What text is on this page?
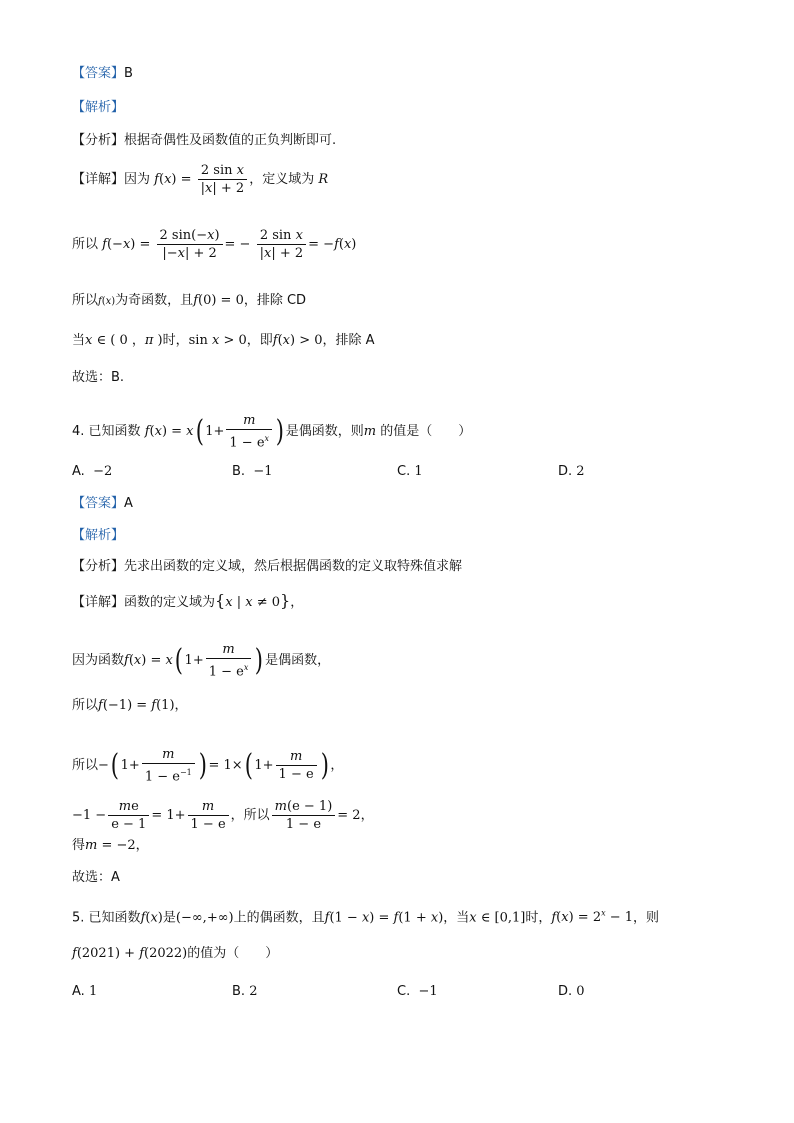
【答案】B
【解析】
【分析】根据奇偶性及函数值的正负判断即可.
【详解】因为 $f(x) = \frac{\text{2 sin x}}{|x| + 2}$ ，定义域为 R
所以 $f(-x) = \frac{2 \sin(-x)}{|-x| + 2}$ = − $\frac{\text{2 sin x}}{|x| + 2} = -f(x)$
所以f(x)为奇函数，且f(0) = 0，排除 CD
当x ∈ ( 0 ，π )时，sin x > 0，即f(x) > 0，排除 A
故选：B.
4. 已知函数 f(x) = x( $1+ \frac{m}{1 - e^x}$ ) 是偶函数，则m 的值是（　　）
A. −2	B. −1	C. 1	D. 2
【答案】A
【解析】
【分析】先求出函数的定义域，然后根据偶函数的定义取特殊值求解
【详解】函数的定义域为{x | x ≠ 0}，
因为函数f(x) = x( $1+ \frac{m}{1 - e^x}$ ) 是偶函数，
所以f(−1) = f(1)，
所以−( $1+ \frac{m}{1 - e^{-1}}$ ) = 1×( $1+ \frac{m}{1 - e}$ ) ，
$-1 - \frac{me}{e - 1} = 1+ \frac{m}{1 - e}$ ，所以 $\frac{m(e - 1)}{1 - e} = 2$，
得m = −2，
故选：A
5. 已知函数f(x)是(−∞,+∞)上的偶函数，且f(1 − x) = f(1 + x)，当x ∈ [0,1]时，$f(x) = 2^x - 1$，则
f(2021) + f(2022)的值为（　　）
A. 1	B. 2	C. −1	D. 0
